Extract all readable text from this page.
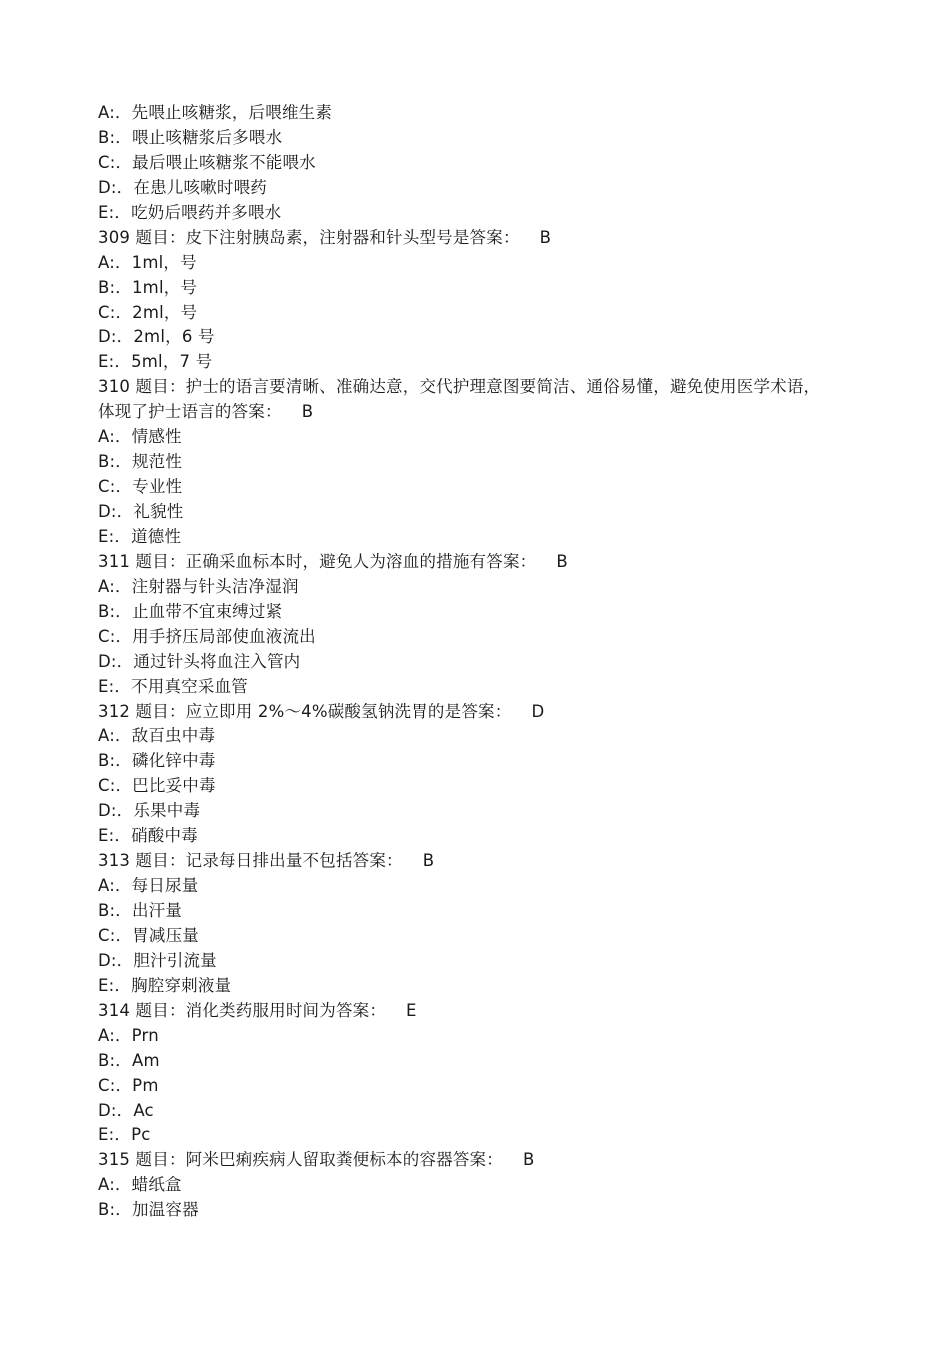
A:．先喂止咳糖浆，后喂维生素
B:．喂止咳糖浆后多喂水
C:．最后喂止咳糖浆不能喂水
D:．在患儿咳嗽时喂药
E:．吃奶后喂药并多喂水
309 题目：皮下注射胰岛素，注射器和针头型号是答案： B
A:．1ml，号
B:．1ml，号
C:．2ml，号
D:．2ml，6 号
E:．5ml，7 号
310 题目：护士的语言要清晰、准确达意，交代护理意图要简洁、通俗易懂，避免使用医学术语，体现了护士语言的答案： B
A:．情感性
B:．规范性
C:．专业性
D:．礼貌性
E:．道德性
311 题目：正确采血标本时，避免人为溶血的措施有答案： B
A:．注射器与针头洁净湿润
B:．止血带不宜束缚过紧
C:．用手挤压局部使血液流出
D:．通过针头将血注入管内
E:．不用真空采血管
312 题目：应立即用 2%～4%碳酸氢钠洗胃的是答案： D
A:．敌百虫中毒
B:．磷化锌中毒
C:．巴比妥中毒
D:．乐果中毒
E:．硝酸中毒
313 题目：记录每日排出量不包括答案： B
A:．每日尿量
B:．出汗量
C:．胃减压量
D:．胆汁引流量
E:．胸腔穿刺液量
314 题目：消化类药服用时间为答案： E
A:．Prn
B:．Am
C:．Pm
D:．Ac
E:．Pc
315 题目：阿米巴痢疾病人留取粪便标本的容器答案： B
A:．蜡纸盒
B:．加温容器
